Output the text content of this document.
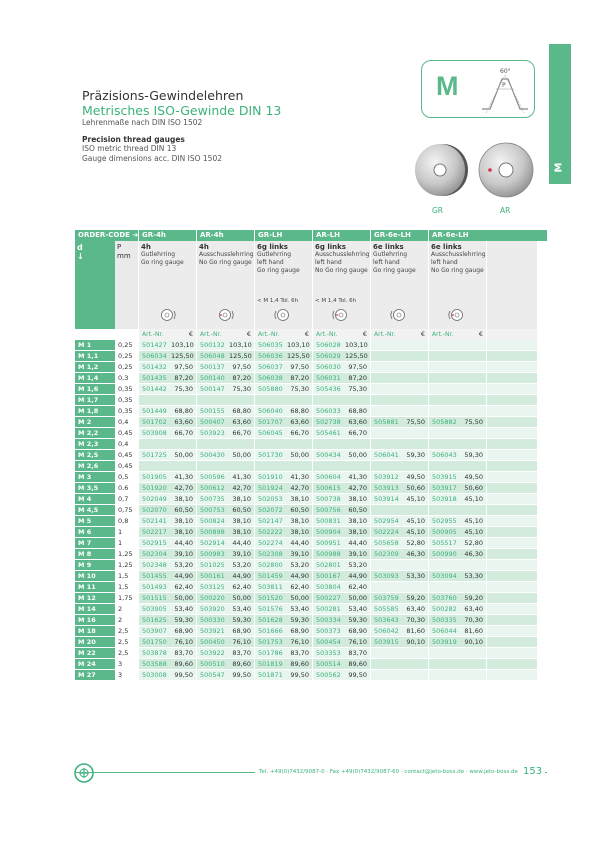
M
Präzisions-Gewindelehren
Metrisches ISO-Gewinde DIN 13
Lehrenmaße nach DIN ISO 1502
Precision thread gauges
ISO metric thread DIN 13
Gauge dimensions acc. DIN ISO 1502
M	60°
P
GR	AR
ORDER-CODE ➜ GR-4h	AR-4h	GR-LH	AR-LH	GR-6e-LH	AR-6e-LH
d
↓
P
mm
4h
Gutlehrring
Go ring gauge
4h
Ausschusslehrring
No Go ring gauge
6g links
Gutlehrring
left hand
Go ring gauge
< M 1,4 Tol. 6h
6g links
Ausschusslehrring
left hand
No Go ring gauge
< M 1,4 Tol. 6h
6e links
Gutlehrring
left hand
Go ring gauge
6e links
Ausschusslehrring
left hand
No Go ring gauge
Art.-Nr.	€	Art.-Nr.	€	Art.-Nr.	€	Art.-Nr.	€	Art.-Nr.	€	Art.-Nr.	€
M 1	0,25	501427 103,10 500132 103,10 506035 103,10 506028 103,10
M 1,1	0,25	506034 125,50 506048 125,50 506036 125,50 506029 125,50
M 1,2	0,25	501432	97,50	500137	97,50	506037	97,50	506030	97,50
M 1,4	0,3	501435	87,20	500140	87,20	506038	87,20	506031	87,20
M 1,6	0,35	501442	75,30	500147	75,30	505880	75,30	505436	75,30
M 1,7	0,35
M 1,8	0,35	501449	68,80	500155	68,80	506040	68,80	506033	68,80
M 2	0,4	501702	63,60	500407	63,60	501707	63,60	502738	63,60	505881	75,50	505882	75,50
M 2,2	0,45	503908	66,70	503923	66,70	506045	66,70	505461	66,70
M 2,3	0,4
M 2,5	0,45	501725	50,00	500430	50,00	501730	50,00	500434	50,00	506041	59,30	506043	59,30
M 2,6	0,45
M 3	0,5	501905	41,30	500596	41,30	501910	41,30	500604	41,30	503912	49,50	503915	49,50
M 3,5	0,6	501920	42,70	500612	42,70	501924	42,70	500615	42,70	503913	50,60	503917	50,60
M 4	0,7	502049	38,10	500735	38,10	502053	38,10	500738	38,10	503914	45,10	503918	45,10
M 4,5	0,75	502070	60,50	500753	60,50	502072	60,50	500756	60,50
M 5	0,8	502141	38,10	500824	38,10	502147	38,10	500831	38,10	502954	45,10	502955	45,10
M 6	1	502217	38,10	500898	38,10	502222	38,10	500904	38,10	502224	45,10	500905	45,10
M 7	1	502915	44,40	502914	44,40	502274	44,40	500951	44,40	505658	52,80	505517	52,80
M 8	1,25	502304	39,10	500983	39,10	502308	39,10	500988	39,10	502309	46,30	500990	46,30
M 9	1,25	502348	53,20	501025	53,20	502800	53,20	502801	53,20
M 10	1,5	501455	44,90	500161	44,90	501459	44,90	500167	44,90	503093	53,30	503094	53,30
M 11	1,5	501493	62,40	503125	62,40	503811	62,40	503804	62,40
M 12	1,75	501515	50,00	500220	50,00	501520	50,00	500227	50,00	503759	59,20	503760	59,20
M 14	2	503905	53,40	503920	53,40	501576	53,40	500281	53,40	505585	63,40	500282	63,40
M 16	2	501625	59,30	500330	59,30	501628	59,30	500334	59,30	503643	70,30	500335	70,30
M 18	2,5	503907	68,90	503921	68,90	501666	68,90	500373	68,90	506042	81,60	506044	81,60
M 20	2,5	501750	76,10	500450	76,10	501753	76,10	500454	76,10	503915	90,10	503919	90,10
M 22	2,5	503878	83,70	503922	83,70	501786	83,70	503353	83,70
M 24	3	503588	89,60	500510	89,60	501819	89,60	500514	89,60
M 27	3	503008	99,50	500547	99,50	501871	99,50	500562	99,50
Tel. +49(0)7432/9087-0 · Fax +49(0)7432/9087-60 · contact@jeto-boss.de · www.jeto-boss.de 153
